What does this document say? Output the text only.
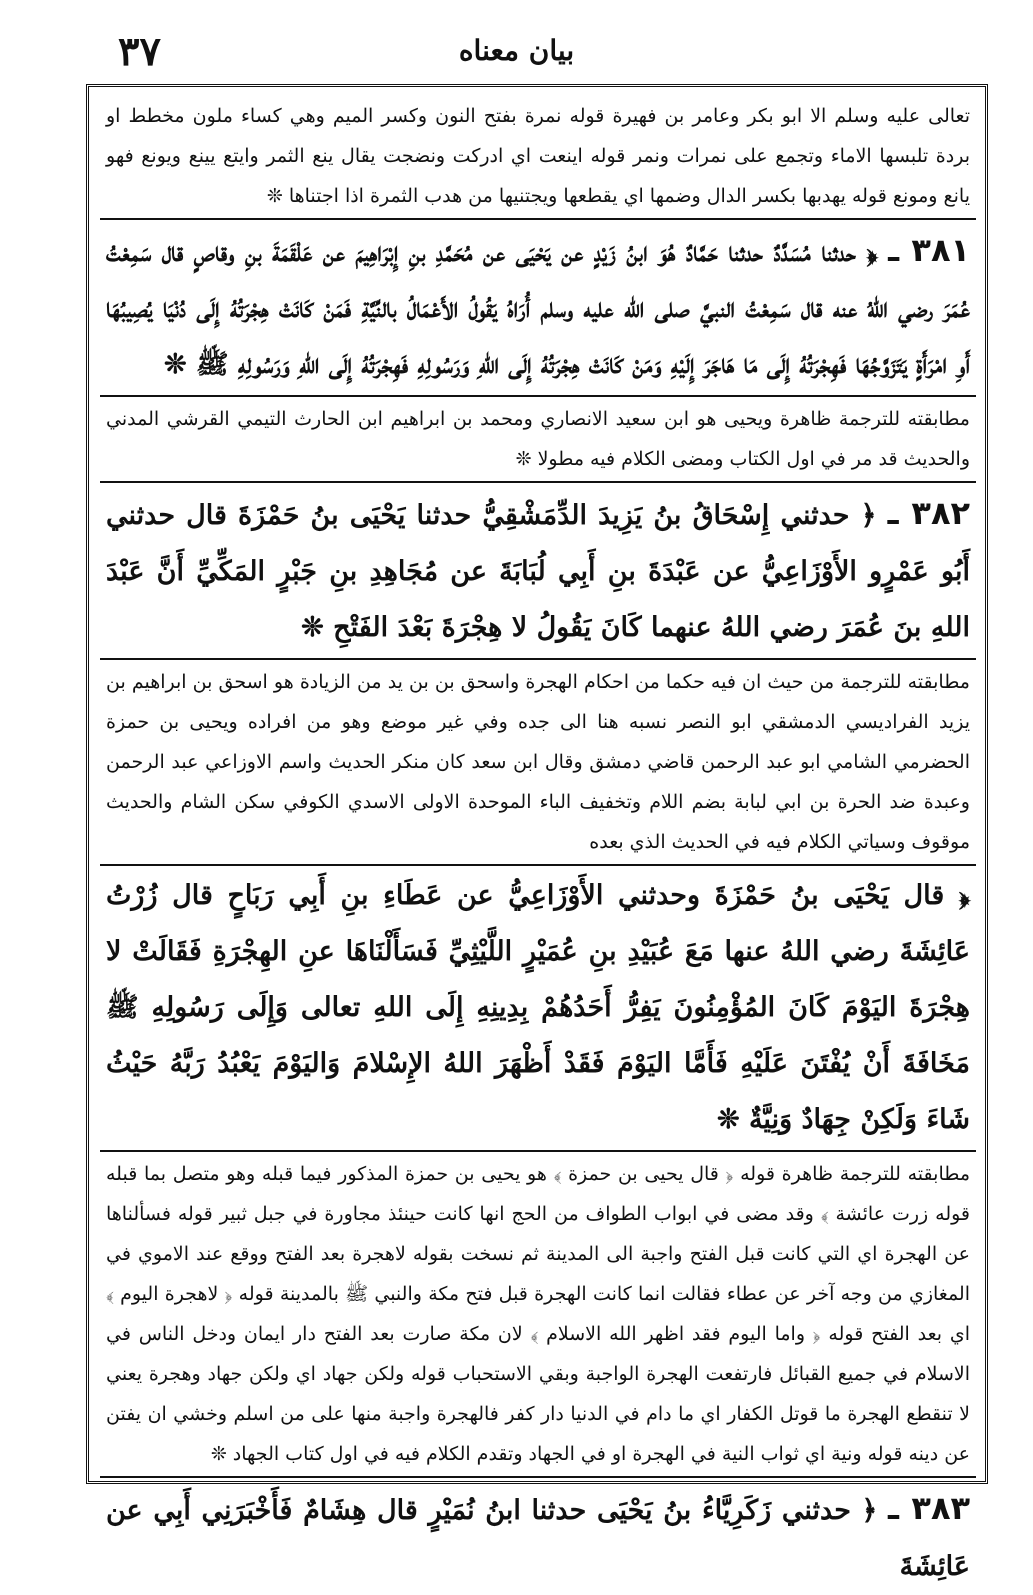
٣٧	بيان معناه

تعالى عليه وسلم الا ابو بكر وعامر بن فهيرة قوله نمرة بفتح النون وكسر الميم وهي كساء ملون مخطط او بردة تلبسها الاماء وتجمع على نمرات ونمر قوله اينعت اي ادركت ونضجت يقال ينع الثمر وايتع يينع ويونع فهو يانع ومونع قوله يهدبها بكسر الدال وضمها اي يقطعها ويجتنيها من هدب الثمرة اذا اجتناها ❊

٣٨١ ـ ﴿ حدثنا مُسَدَّدٌ حدثنا حَمَّادٌ هُوَ ابنُ زَيْدٍ عن يَحْيَى عن مُحَمَّدِ بنِ إِبْرَاهِيمَ عن عَلْقَمَةَ بنِ وقاصٍ قال سَمِعْتُ عُمَرَ رضي اللهُ عنه قال سَمِعْتُ النبيَّ صلى الله عليه وسلم أُرَاهُ يَقُولُ الأَعْمَالُ بالنِّيَّةِ فَمَنْ كَانَتْ هِجْرَتُهُ إِلَى دُنْيَا يُصِيبُهَا أَوِ امْرَأَةٍ يَتَزَوَّجُهَا فَهِجْرَتُهُ إِلَى مَا هَاجَرَ إِلَيْهِ وَمَنْ كَانَتْ هِجْرَتُهُ إِلَى اللهِ وَرَسُولِهِ فَهِجْرَتُهُ إِلَى اللهِ وَرَسُولِهِ ﷺ ❊

مطابقته للترجمة ظاهرة ويحيى هو ابن سعيد الانصاري ومحمد بن ابراهيم ابن الحارث التيمي القرشي المدني والحديث قد مر في اول الكتاب ومضى الكلام فيه مطولا ❊

٣٨٢ ـ ﴿ حدثني إِسْحَاقُ بنُ يَزِيدَ الدِّمَشْقِيُّ حدثنا يَحْيَى بنُ حَمْزَةَ قال حدثني أَبُو عَمْرٍو الأَوْزَاعِيُّ عن عَبْدَةَ بنِ أَبِي لُبَابَةَ عن مُجَاهِدِ بنِ جَبْرٍ المَكِّيِّ أَنَّ عَبْدَ اللهِ بنَ عُمَرَ رضي اللهُ عنهما كَانَ يَقُولُ لا هِجْرَةَ بَعْدَ الفَتْحِ ❊

مطابقته للترجمة من حيث ان فيه حكما من احكام الهجرة واسحق بن بن يد من الزيادة هو اسحق بن ابراهيم بن يزيد الفراديسي الدمشقي ابو النصر نسبه هنا الى جده وفي غير موضع وهو من افراده ويحيى بن حمزة الحضرمي الشامي ابو عبد الرحمن قاضي دمشق وقال ابن سعد كان منكر الحديث واسم الاوزاعي عبد الرحمن وعبدة ضد الحرة بن ابي لبابة بضم اللام وتخفيف الباء الموحدة الاولى الاسدي الكوفي سكن الشام والحديث موقوف وسياتي الكلام فيه في الحديث الذي بعده

﴿ قال يَحْيَى بنُ حَمْزَةَ وحدثني الأَوْزَاعِيُّ عن عَطَاءِ بنِ أَبِي رَبَاحٍ قال زُرْتُ عَائِشَةَ رضي اللهُ عنها مَعَ عُبَيْدِ بنِ عُمَيْرٍ اللَّيْثِيِّ فَسَأَلْنَاهَا عنِ الهِجْرَةِ فَقَالَتْ لا هِجْرَةَ اليَوْمَ كَانَ المُؤْمِنُونَ يَفِرُّ أَحَدُهُمْ بِدِينِهِ إِلَى اللهِ تعالى وَإِلَى رَسُولِهِ ﷺ مَخَافَةَ أَنْ يُفْتَنَ عَلَيْهِ فَأَمَّا اليَوْمَ فَقَدْ أَظْهَرَ اللهُ الإِسْلامَ وَاليَوْمَ يَعْبُدُ رَبَّهُ حَيْثُ شَاءَ وَلَكِنْ جِهَادٌ وَنِيَّةٌ ❊

مطابقته للترجمة ظاهرة قوله ﴿ قال يحيى بن حمزة ﴾ هو يحيى بن حمزة المذكور فيما قبله وهو متصل بما قبله قوله زرت عائشة ﴾ وقد مضى في ابواب الطواف من الحج انها كانت حينئذ مجاورة في جبل ثبير قوله فسألناها عن الهجرة اي التي كانت قبل الفتح واجبة الى المدينة ثم نسخت بقوله لاهجرة بعد الفتح ووقع عند الاموي في المغازي من وجه آخر عن عطاء فقالت انما كانت الهجرة قبل فتح مكة والنبي ﷺ بالمدينة قوله ﴿ لاهجرة اليوم ﴾ اي بعد الفتح قوله ﴿ واما اليوم فقد اظهر الله الاسلام ﴾ لان مكة صارت بعد الفتح دار ايمان ودخل الناس في الاسلام في جميع القبائل فارتفعت الهجرة الواجبة وبقي الاستحباب قوله ولكن جهاد اي ولكن جهاد وهجرة يعني لا تنقطع الهجرة ما قوتل الكفار اي ما دام في الدنيا دار كفر فالهجرة واجبة منها على من اسلم وخشي ان يفتن عن دينه قوله ونية اي ثواب النية في الهجرة او في الجهاد وتقدم الكلام فيه في اول كتاب الجهاد ❊

٣٨٣ ـ ﴿ حدثني زَكَرِيَّاءُ بنُ يَحْيَى حدثنا ابنُ نُمَيْرٍ قال هِشَامٌ فَأَخْبَرَنِي أَبِي عن عَائِشَةَ
